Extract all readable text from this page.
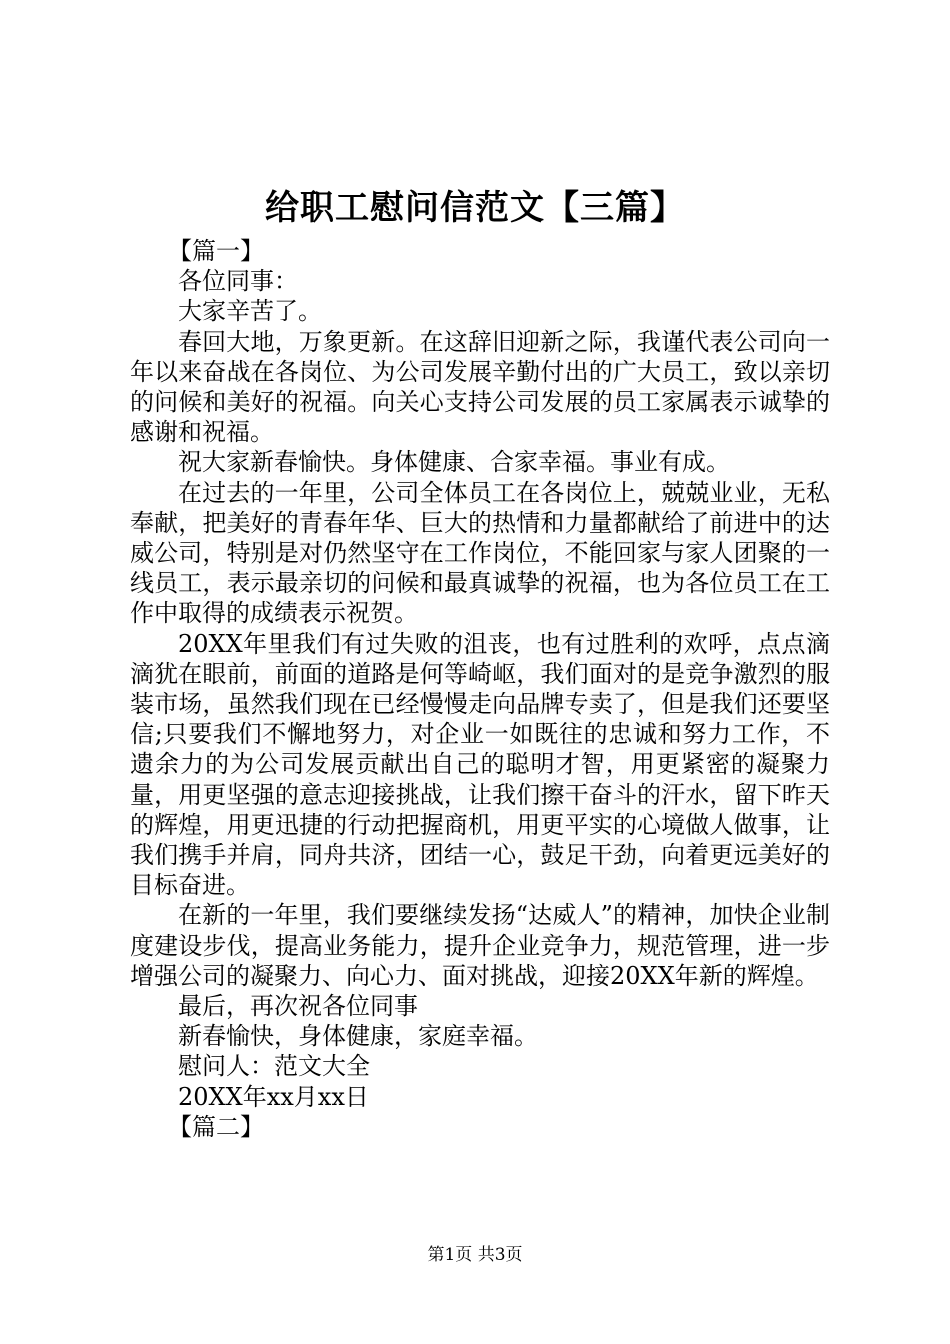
给职工慰问信范文【三篇】

【篇一】

各位同事：

大家辛苦了。

春回大地，万象更新。在这辞旧迎新之际，我谨代表公司向一年以来奋战在各岗位、为公司发展辛勤付出的广大员工，致以亲切的问候和美好的祝福。向关心支持公司发展的员工家属表示诚挚的感谢和祝福。

祝大家新春愉快。身体健康、合家幸福。事业有成。

在过去的一年里，公司全体员工在各岗位上，兢兢业业，无私奉献，把美好的青春年华、巨大的热情和力量都献给了前进中的达威公司，特别是对仍然坚守在工作岗位，不能回家与家人团聚的一线员工，表示最亲切的问候和最真诚挚的祝福，也为各位员工在工作中取得的成绩表示祝贺。

20XX年里我们有过失败的沮丧，也有过胜利的欢呼，点点滴滴犹在眼前，前面的道路是何等崎岖，我们面对的是竞争激烈的服装市场，虽然我们现在已经慢慢走向品牌专卖了，但是我们还要坚信;只要我们不懈地努力，对企业一如既往的忠诚和努力工作，不遗余力的为公司发展贡献出自己的聪明才智，用更紧密的凝聚力量，用更坚强的意志迎接挑战，让我们擦干奋斗的汗水，留下昨天的辉煌，用更迅捷的行动把握商机，用更平实的心境做人做事，让我们携手并肩，同舟共济，团结一心，鼓足干劲，向着更远美好的目标奋进。

在新的一年里，我们要继续发扬“达威人”的精神，加快企业制度建设步伐，提高业务能力，提升企业竞争力，规范管理，进一步增强公司的凝聚力、向心力、面对挑战，迎接20XX年新的辉煌。

最后，再次祝各位同事

新春愉快，身体健康，家庭幸福。

慰问人：范文大全

20XX年xx月xx日

【篇二】

第1页 共3页
